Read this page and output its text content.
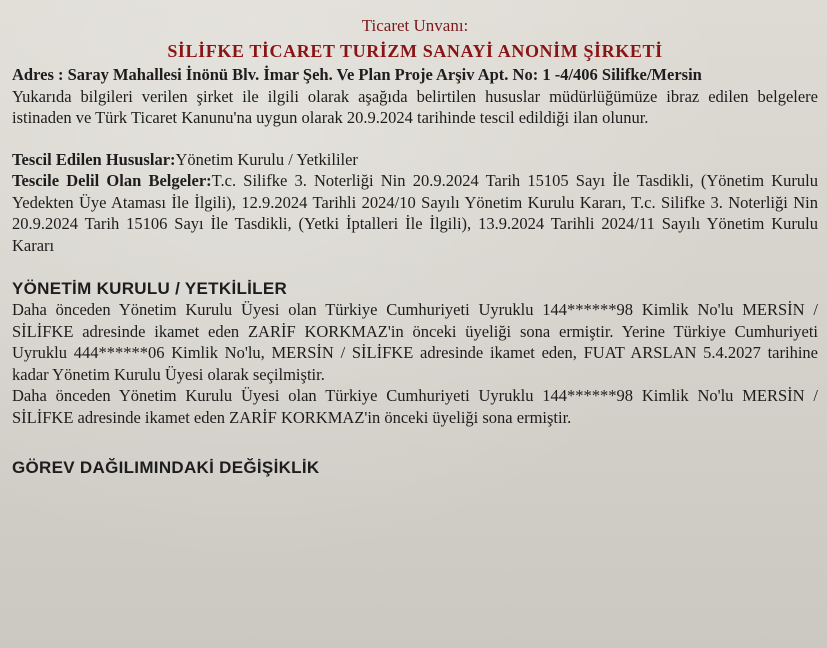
Ticaret Unvanı:

SİLİFKE TİCARET TURİZM SANAYİ ANONİM ŞİRKETİ

Adres : Saray Mahallesi İnönü Blv. İmar Şeh. Ve Plan Proje Arşiv Apt. No: 1 -4/406 Silifke/Mersin

Yukarıda bilgileri verilen şirket ile ilgili olarak aşağıda belirtilen hususlar müdürlüğümüze ibraz edilen belgelere istinaden ve Türk Ticaret Kanunu'na uygun olarak 20.9.2024 tarihinde tescil edildiği ilan olunur.

Tescil Edilen Hususlar:Yönetim Kurulu / Yetkililer

Tescile Delil Olan Belgeler:T.c. Silifke 3. Noterliği Nin 20.9.2024 Tarih 15105 Sayı İle Tasdikli, (Yönetim Kurulu Yedekten Üye Ataması İle İlgili), 12.9.2024 Tarihli 2024/10 Sayılı Yönetim Kurulu Kararı, T.c. Silifke 3. Noterliği Nin 20.9.2024 Tarih 15106 Sayı İle Tasdikli, (Yetki İptalleri İle İlgili), 13.9.2024 Tarihli 2024/11 Sayılı Yönetim Kurulu Kararı

YÖNETİM KURULU / YETKİLİLER

Daha önceden Yönetim Kurulu Üyesi olan Türkiye Cumhuriyeti Uyruklu 144******98 Kimlik No'lu MERSİN / SİLİFKE adresinde ikamet eden ZARİF KORKMAZ'in önceki üyeliği sona ermiştir. Yerine Türkiye Cumhuriyeti Uyruklu 444******06 Kimlik No'lu, MERSİN / SİLİFKE adresinde ikamet eden, FUAT ARSLAN 5.4.2027 tarihine kadar Yönetim Kurulu Üyesi olarak seçilmiştir.

Daha önceden Yönetim Kurulu Üyesi olan Türkiye Cumhuriyeti Uyruklu 144******98 Kimlik No'lu MERSİN / SİLİFKE adresinde ikamet eden ZARİF KORKMAZ'in önceki üyeliği sona ermiştir.

GÖREV DAĞILIMINDAKİ DEĞİŞİKLİK
